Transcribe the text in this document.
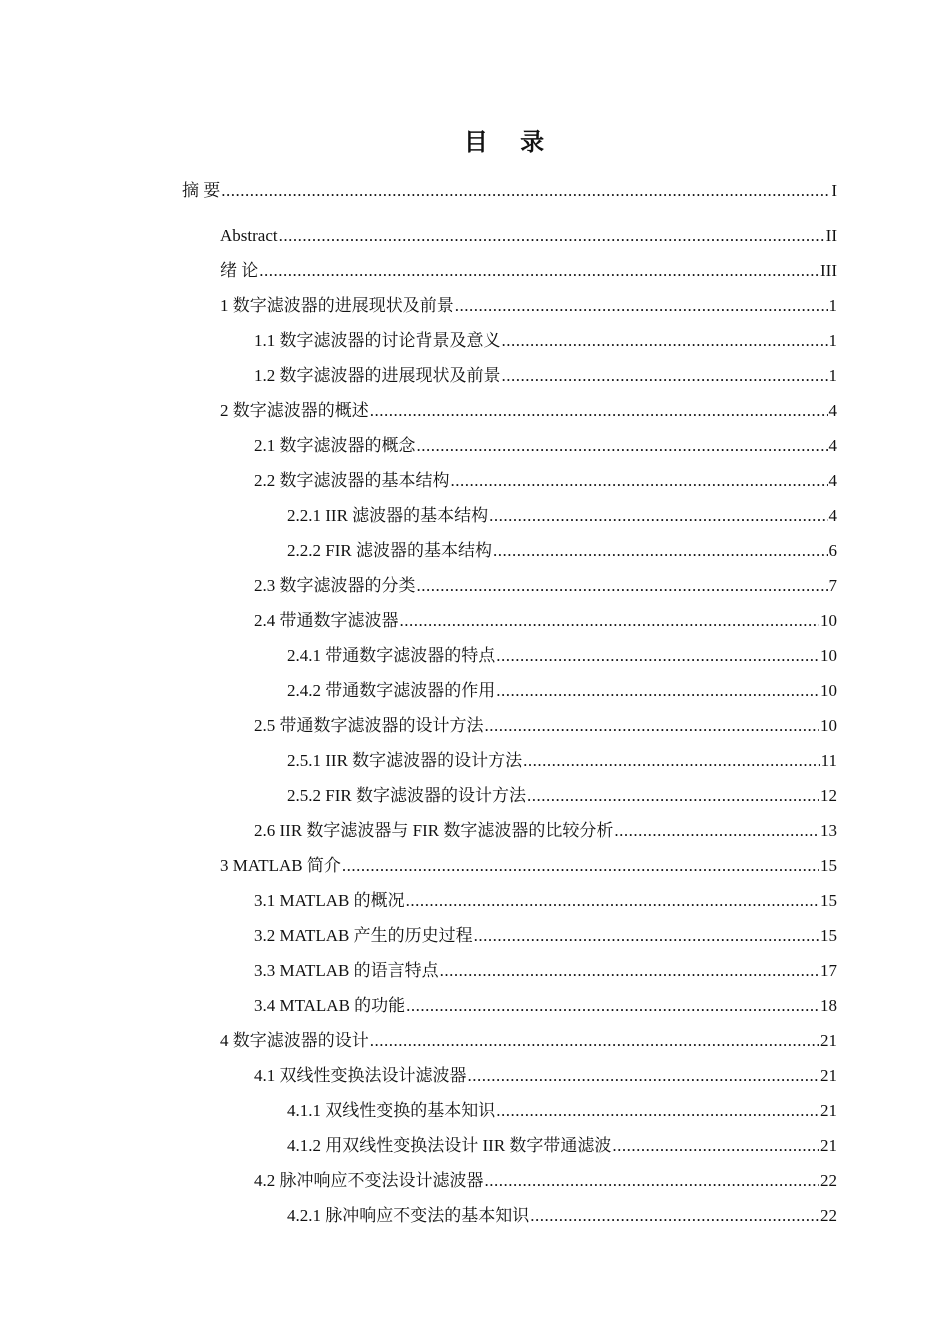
目 录
摘 要 .....	I
Abstract .....	II
绪 论 .....	III
1 数字滤波器的进展现状及前景 .....	1
1.1 数字滤波器的讨论背景及意义 .....	1
1.2 数字滤波器的进展现状及前景 .....	1
2 数字滤波器的概述 .....	4
2.1 数字滤波器的概念 .....	4
2.2 数字滤波器的基本结构 .....	4
2.2.1 IIR 滤波器的基本结构 .....	4
2.2.2 FIR 滤波器的基本结构 .....	6
2.3 数字滤波器的分类 .....	7
2.4 带通数字滤波器 .....	10
2.4.1 带通数字滤波器的特点 .....	10
2.4.2 带通数字滤波器的作用 .....	10
2.5 带通数字滤波器的设计方法 .....	10
2.5.1 IIR 数字滤波器的设计方法 .....	11
2.5.2 FIR 数字滤波器的设计方法 .....	12
2.6 IIR 数字滤波器与 FIR 数字滤波器的比较分析 .....	13
3 MATLAB 简介 .....	15
3.1 MATLAB 的概况 .....	15
3.2 MATLAB 产生的历史过程 .....	15
3.3 MATLAB 的语言特点 .....	17
3.4 MTALAB 的功能 .....	18
4 数字滤波器的设计 .....	21
4.1 双线性变换法设计滤波器 .....	21
4.1.1 双线性变换的基本知识 .....	21
4.1.2 用双线性变换法设计 IIR 数字带通滤波 .....	21
4.2 脉冲响应不变法设计滤波器 .....	22
4.2.1 脉冲响应不变法的基本知识 .....	22
